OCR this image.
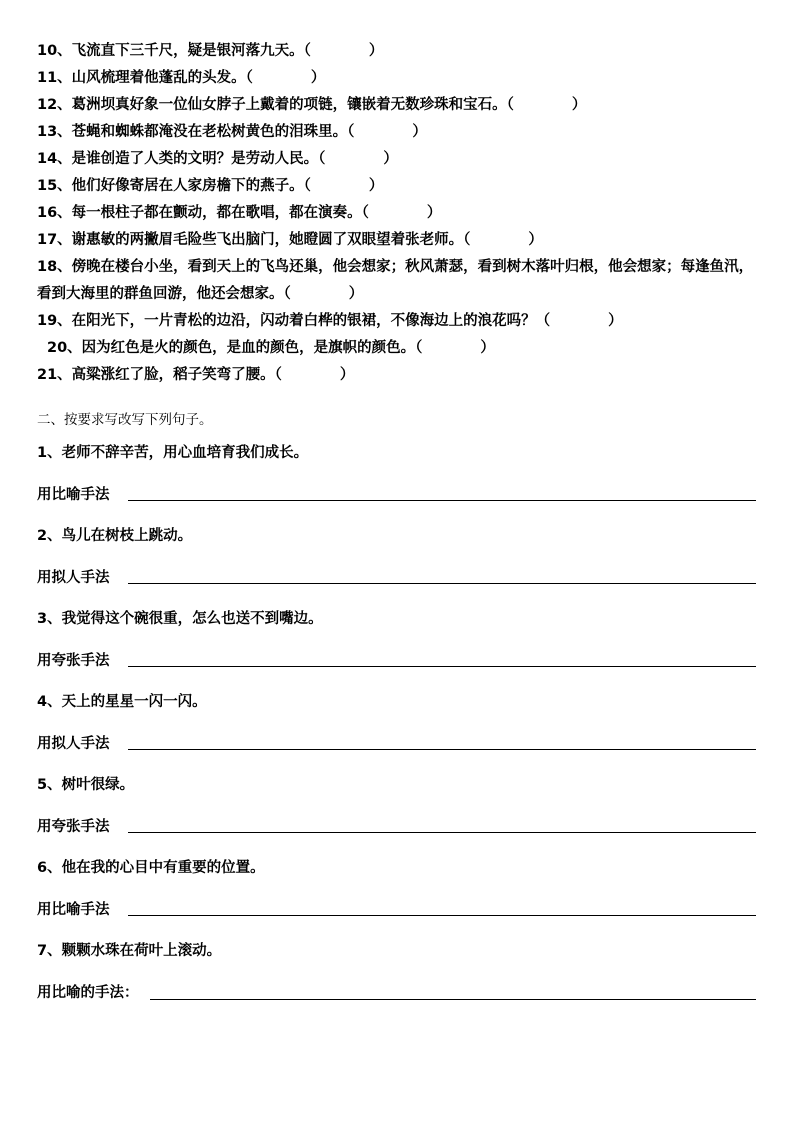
10、飞流直下三千尺，疑是银河落九天。（　　　　）
11、山风梳理着他蓬乱的头发。（　　　　）
12、葛洲坝真好象一位仙女脖子上戴着的项链，镶嵌着无数珍珠和宝石。（　　　　）
13、苍蝇和蜘蛛都淹没在老松树黄色的泪珠里。（　　　　）
14、是谁创造了人类的文明？是劳动人民。（　　　　）
15、他们好像寄居在人家房檐下的燕子。（　　　　）
16、每一根柱子都在颤动，都在歌唱，都在演奏。（　　　　）
17、谢惠敏的两撇眉毛险些飞出脑门，她瞪圆了双眼望着张老师。（　　　　）
18、傍晚在楼台小坐，看到天上的飞鸟还巢，他会想家；秋风萧瑟，看到树木落叶归根，他会想家；每逢鱼汛，看到大海里的群鱼回游，他还会想家。（　　　　）
19、在阳光下，一片青松的边沿，闪动着白桦的银裙，不像海边上的浪花吗？（　　　　）
20、因为红色是火的颜色，是血的颜色，是旗帜的颜色。（　　　　）
21、高粱涨红了脸，稻子笑弯了腰。（　　　　）
二、按要求写改写下列句子。
1、老师不辞辛苦，用心血培育我们成长。
用比喻手法
2、鸟儿在树枝上跳动。
用拟人手法
3、我觉得这个碗很重，怎么也送不到嘴边。
用夸张手法
4、天上的星星一闪一闪。
用拟人手法
5、树叶很绿。
用夸张手法
6、他在我的心目中有重要的位置。
用比喻手法
7、颗颗水珠在荷叶上滚动。
用比喻的手法：
